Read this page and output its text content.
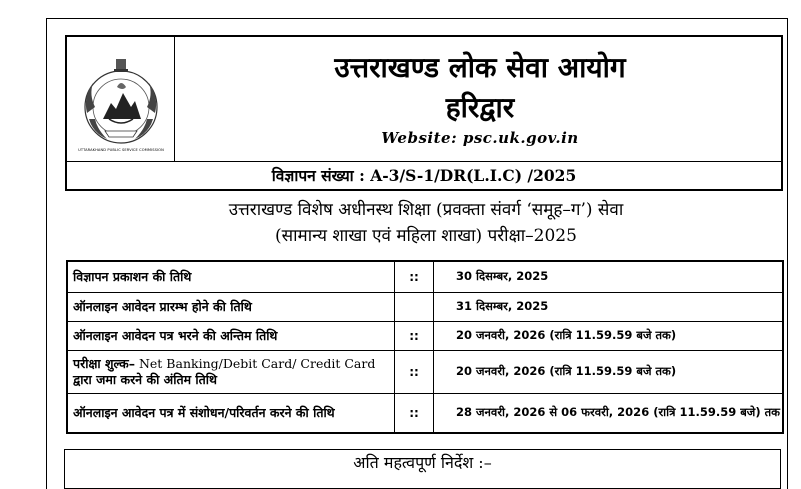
UTTARAKHAND PUBLIC SERVICE COMMISSION
उत्तराखण्ड लोक सेवा आयोग
हरिद्वार
Website: psc.uk.gov.in
विज्ञापन संख्या : A-3/S-1/DR(L.I.C) /2025
उत्तराखण्ड विशेष अधीनस्थ शिक्षा (प्रवक्ता संवर्ग ‘समूह–ग’) सेवा
(सामान्य शाखा एवं महिला शाखा) परीक्षा–2025
विज्ञापन प्रकाशन की तिथि	::	30 दिसम्बर, 2025
ऑनलाइन आवेदन प्रारम्भ होने की तिथि		31 दिसम्बर, 2025
ऑनलाइन आवेदन पत्र भरने की अन्तिम तिथि	::	20 जनवरी, 2026 (रात्रि 11.59.59 बजे तक)
परीक्षा शुल्क– Net Banking/Debit Card/ Credit Card द्वारा जमा करने की अंतिम तिथि	::	20 जनवरी, 2026 (रात्रि 11.59.59 बजे तक)
ऑनलाइन आवेदन पत्र में संशोधन/परिवर्तन करने की तिथि	::	28 जनवरी, 2026 से 06 फरवरी, 2026 (रात्रि 11.59.59 बजे) तक
अति महत्वपूर्ण निर्देश :–
